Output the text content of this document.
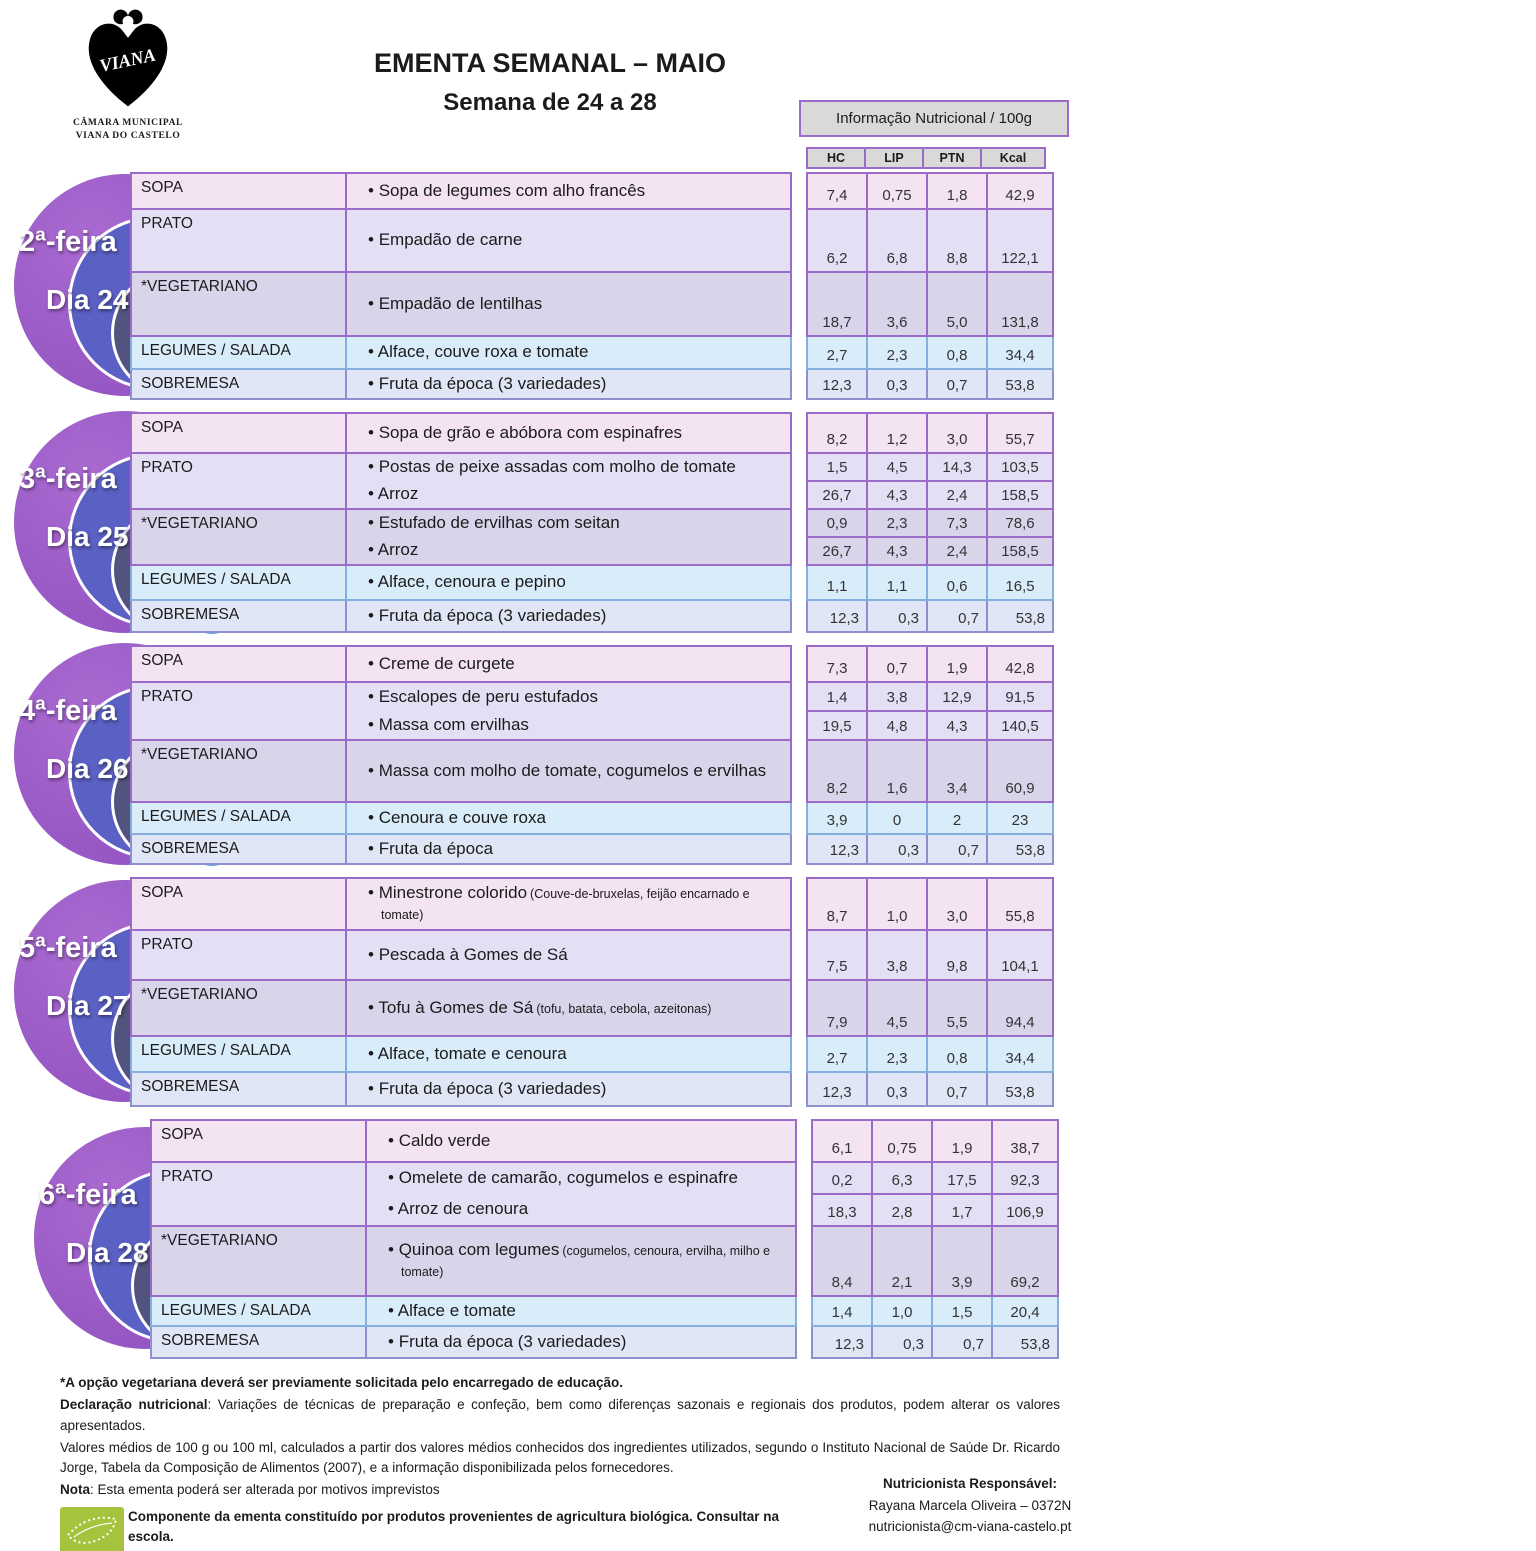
VIANA
CÂMARA MUNICIPAL
VIANA DO CASTELO
EMENTA SEMANAL – MAIO
Semana de 24 a 28
Informação Nutricional / 100g
HC	LIP	PTN	Kcal
2ª-feira
Dia 24
SOPA	• Sopa de legumes com alho francês		7,4	0,75	1,8	42,9
PRATO	• Empadão de carne		6,2	6,8	8,8	122,1
*VEGETARIANO	• Empadão de lentilhas		18,7	3,6	5,0	131,8
LEGUMES / SALADA	• Alface, couve roxa e tomate		2,7	2,3	0,8	34,4
SOBREMESA	• Fruta da época (3 variedades)		12,3	0,3	0,7	53,8
3ª-feira
Dia 25
SOPA	• Sopa de grão e abóbora com espinafres		8,2	1,2	3,0	55,7
PRATO	• Postas de peixe assadas com molho de tomate		1,5	4,5	14,3	103,5

	• Arroz		26,7	4,3	2,4	158,5
*VEGETARIANO	• Estufado de ervilhas com seitan		0,9	2,3	7,3	78,6

	• Arroz		26,7	4,3	2,4	158,5
LEGUMES / SALADA	• Alface, cenoura e pepino		1,1	1,1	0,6	16,5
SOBREMESA	• Fruta da época (3 variedades)		12,3	0,3	0,7	53,8
4ª-feira
Dia 26
SOPA	• Creme de curgete		7,3	0,7	1,9	42,8
PRATO	• Escalopes de peru estufados		1,4	3,8	12,9	91,5

	• Massa com ervilhas		19,5	4,8	4,3	140,5
*VEGETARIANO	• Massa com molho de tomate, cogumelos e ervilhas		8,2	1,6	3,4	60,9
LEGUMES / SALADA	• Cenoura e couve roxa		3,9	0	2	23
SOBREMESA	• Fruta da época		12,3	0,3	0,7	53,8
5ª-feira
Dia 27
SOPA	• Minestrone colorido (Couve-de-bruxelas, feijão encarnado e tomate)		8,7	1,0	3,0	55,8
PRATO	• Pescada à Gomes de Sá		7,5	3,8	9,8	104,1
*VEGETARIANO	• Tofu à Gomes de Sá (tofu, batata, cebola, azeitonas)		7,9	4,5	5,5	94,4
LEGUMES / SALADA	• Alface, tomate e cenoura		2,7	2,3	0,8	34,4
SOBREMESA	• Fruta da época (3 variedades)		12,3	0,3	0,7	53,8
6ª-feira
Dia 28
SOPA	• Caldo verde		6,1	0,75	1,9	38,7
PRATO	• Omelete de camarão, cogumelos e espinafre		0,2	6,3	17,5	92,3

	• Arroz de cenoura		18,3	2,8	1,7	106,9
*VEGETARIANO	• Quinoa com legumes (cogumelos, cenoura, ervilha, milho e tomate)		8,4	2,1	3,9	69,2
LEGUMES / SALADA	• Alface e tomate		1,4	1,0	1,5	20,4
SOBREMESA	• Fruta da época (3 variedades)		12,3	0,3	0,7	53,8

*A opção vegetariana deverá ser previamente solicitada pelo encarregado de educação.

Declaração nutricional: Variações de técnicas de preparação e confeção, bem como diferenças sazonais e regionais dos produtos, podem alterar os valores apresentados.

Valores médios de 100 g ou 100 ml, calculados a partir dos valores médios conhecidos dos ingredientes utilizados, segundo o Instituto Nacional de Saúde Dr. Ricardo Jorge, Tabela da Composição de Alimentos (2007), e a informação disponibilizada pelos fornecedores.

Nota: Esta ementa poderá ser alterada por motivos imprevistos

Componente da ementa constituído por produtos provenientes de agricultura biológica. Consultar na escola.
Nutricionista Responsável:
Rayana Marcela Oliveira – 0372N
nutricionista@cm-viana-castelo.pt
